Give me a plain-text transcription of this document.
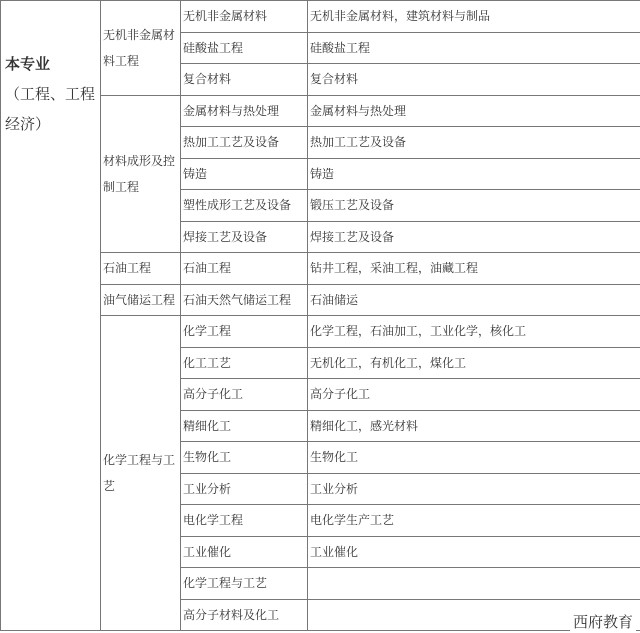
本专业
（工程、工程经济）	无机非金属材料工程	无机非金属材料	无机非金属材料，建筑材料与制品
		硅酸盐工程	硅酸盐工程
		复合材料	复合材料
	材料成形及控制工程	金属材料与热处理	金属材料与热处理
		热加工工艺及设备	热加工工艺及设备
		铸造	铸造
		塑性成形工艺及设备	锻压工艺及设备
		焊接工艺及设备	焊接工艺及设备
	石油工程	石油工程	钻井工程，采油工程，油藏工程
	油气储运工程	石油天然气储运工程	石油储运
	化学工程与工艺	化学工程	化学工程，石油加工，工业化学，核化工
		化工工艺	无机化工，有机化工，煤化工
		高分子化工	高分子化工
		精细化工	精细化工，感光材料
		生物化工	生物化工
		工业分析	工业分析
		电化学工程	电化学生产工艺
		工业催化	工业催化
		化学工程与工艺	
		高分子材料及化工		西府教育
